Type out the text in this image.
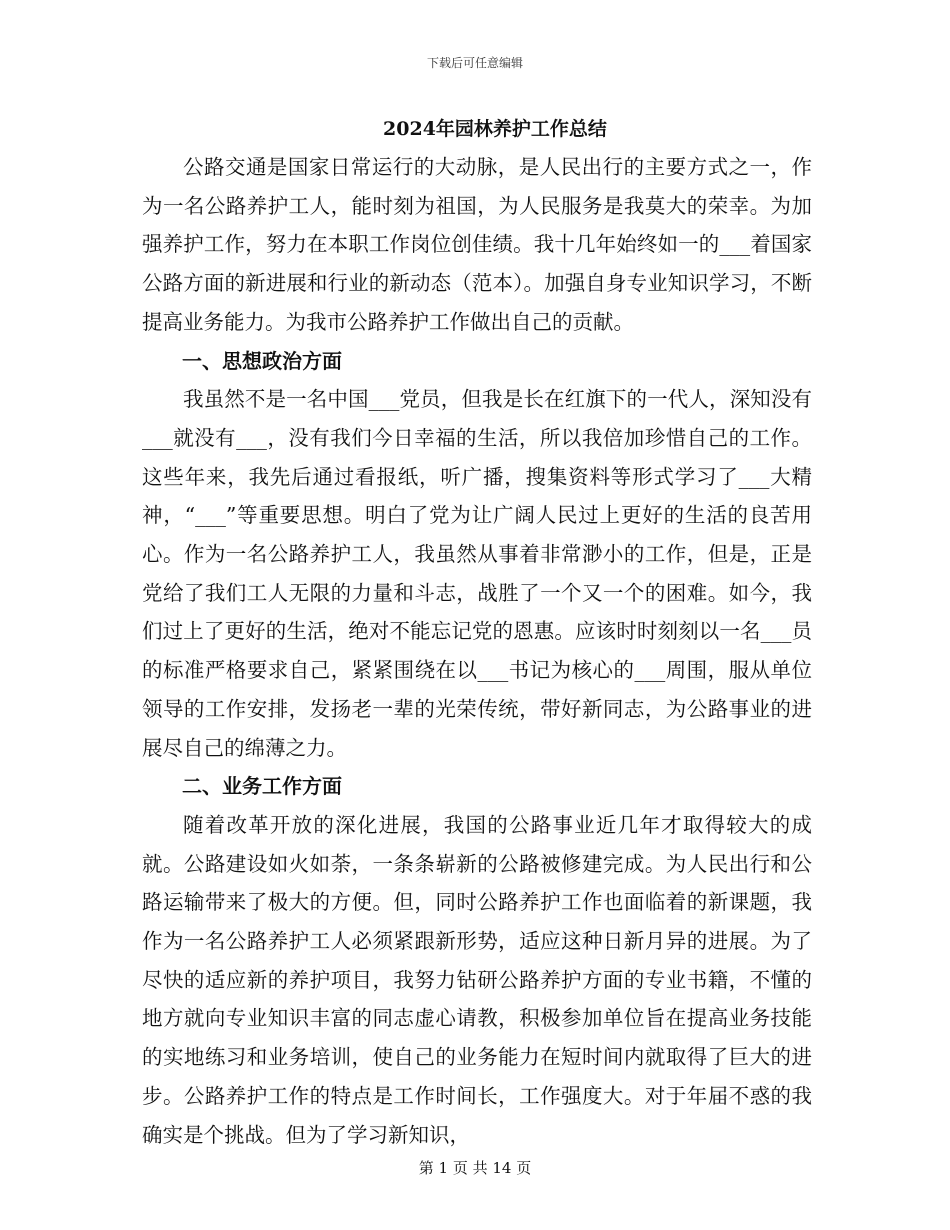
下载后可任意编辑
2024年园林养护工作总结

公路交通是国家日常运行的大动脉，是人民出行的主要方式之一，作为一名公路养护工人，能时刻为祖国，为人民服务是我莫大的荣幸。为加强养护工作，努力在本职工作岗位创佳绩。我十几年始终如一的___着国家公路方面的新进展和行业的新动态（范本）。加强自身专业知识学习，不断提高业务能力。为我市公路养护工作做出自己的贡献。

一、思想政治方面

我虽然不是一名中国___党员，但我是长在红旗下的一代人，深知没有___就没有___，没有我们今日幸福的生活，所以我倍加珍惜自己的工作。这些年来，我先后通过看报纸，听广播，搜集资料等形式学习了___大精神，“___”等重要思想。明白了党为让广阔人民过上更好的生活的良苦用心。作为一名公路养护工人，我虽然从事着非常渺小的工作，但是，正是党给了我们工人无限的力量和斗志，战胜了一个又一个的困难。如今，我们过上了更好的生活，绝对不能忘记党的恩惠。应该时时刻刻以一名___员的标准严格要求自己，紧紧围绕在以___书记为核心的___周围，服从单位领导的工作安排，发扬老一辈的光荣传统，带好新同志，为公路事业的进展尽自己的绵薄之力。

二、业务工作方面

随着改革开放的深化进展，我国的公路事业近几年才取得较大的成就。公路建设如火如荼，一条条崭新的公路被修建完成。为人民出行和公路运输带来了极大的方便。但，同时公路养护工作也面临着的新课题，我作为一名公路养护工人必须紧跟新形势，适应这种日新月异的进展。为了尽快的适应新的养护项目，我努力钻研公路养护方面的专业书籍，不懂的地方就向专业知识丰富的同志虚心请教，积极参加单位旨在提高业务技能的实地练习和业务培训，使自己的业务能力在短时间内就取得了巨大的进步。公路养护工作的特点是工作时间长，工作强度大。对于年届不惑的我确实是个挑战。但为了学习新知识，

第 1 页 共 14 页
